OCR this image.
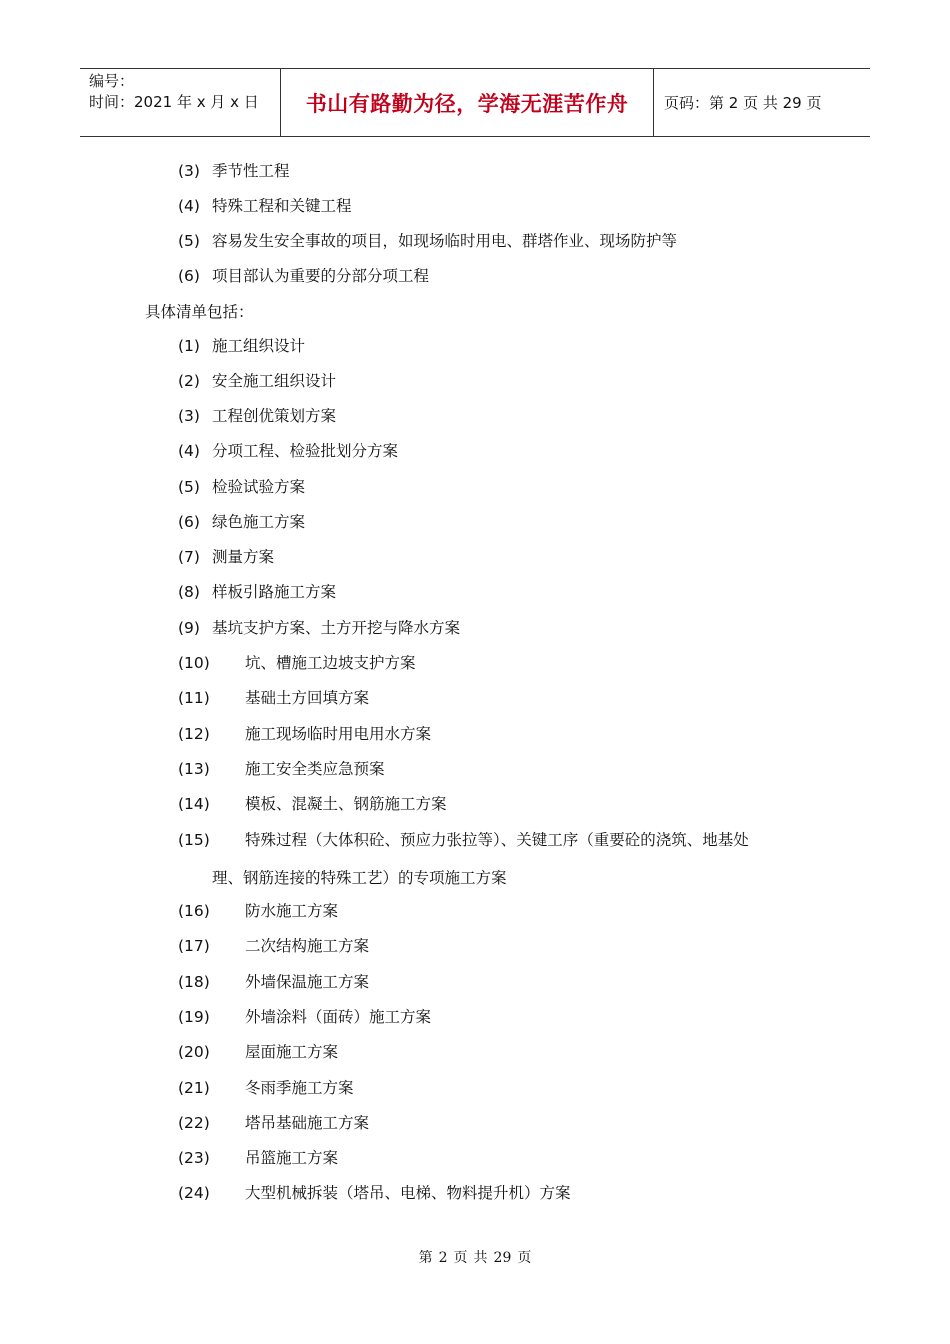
编号：
时间：2021 年 x 月 x 日	书山有路勤为径，学海无涯苦作舟 页码：第 2 页 共 29 页
(3) 季节性工程
(4) 特殊工程和关键工程
(5) 容易发生安全事故的项目，如现场临时用电、群塔作业、现场防护等
(6) 项目部认为重要的分部分项工程
具体清单包括：
(1) 施工组织设计
(2) 安全施工组织设计
(3) 工程创优策划方案
(4) 分项工程、检验批划分方案
(5) 检验试验方案
(6) 绿色施工方案
(7) 测量方案
(8) 样板引路施工方案
(9) 基坑支护方案、土方开挖与降水方案
(10) 坑、槽施工边坡支护方案
(11) 基础土方回填方案
(12) 施工现场临时用电用水方案
(13) 施工安全类应急预案
(14) 模板、混凝土、钢筋施工方案
(15) 特殊过程（大体积砼、预应力张拉等）、关键工序（重要砼的浇筑、地基处
理、钢筋连接的特殊工艺）的专项施工方案
(16) 防水施工方案
(17) 二次结构施工方案
(18) 外墙保温施工方案
(19) 外墙涂料（面砖）施工方案
(20) 屋面施工方案
(21) 冬雨季施工方案
(22) 塔吊基础施工方案
(23) 吊篮施工方案
(24) 大型机械拆装（塔吊、电梯、物料提升机）方案
第 2 页 共 29 页
